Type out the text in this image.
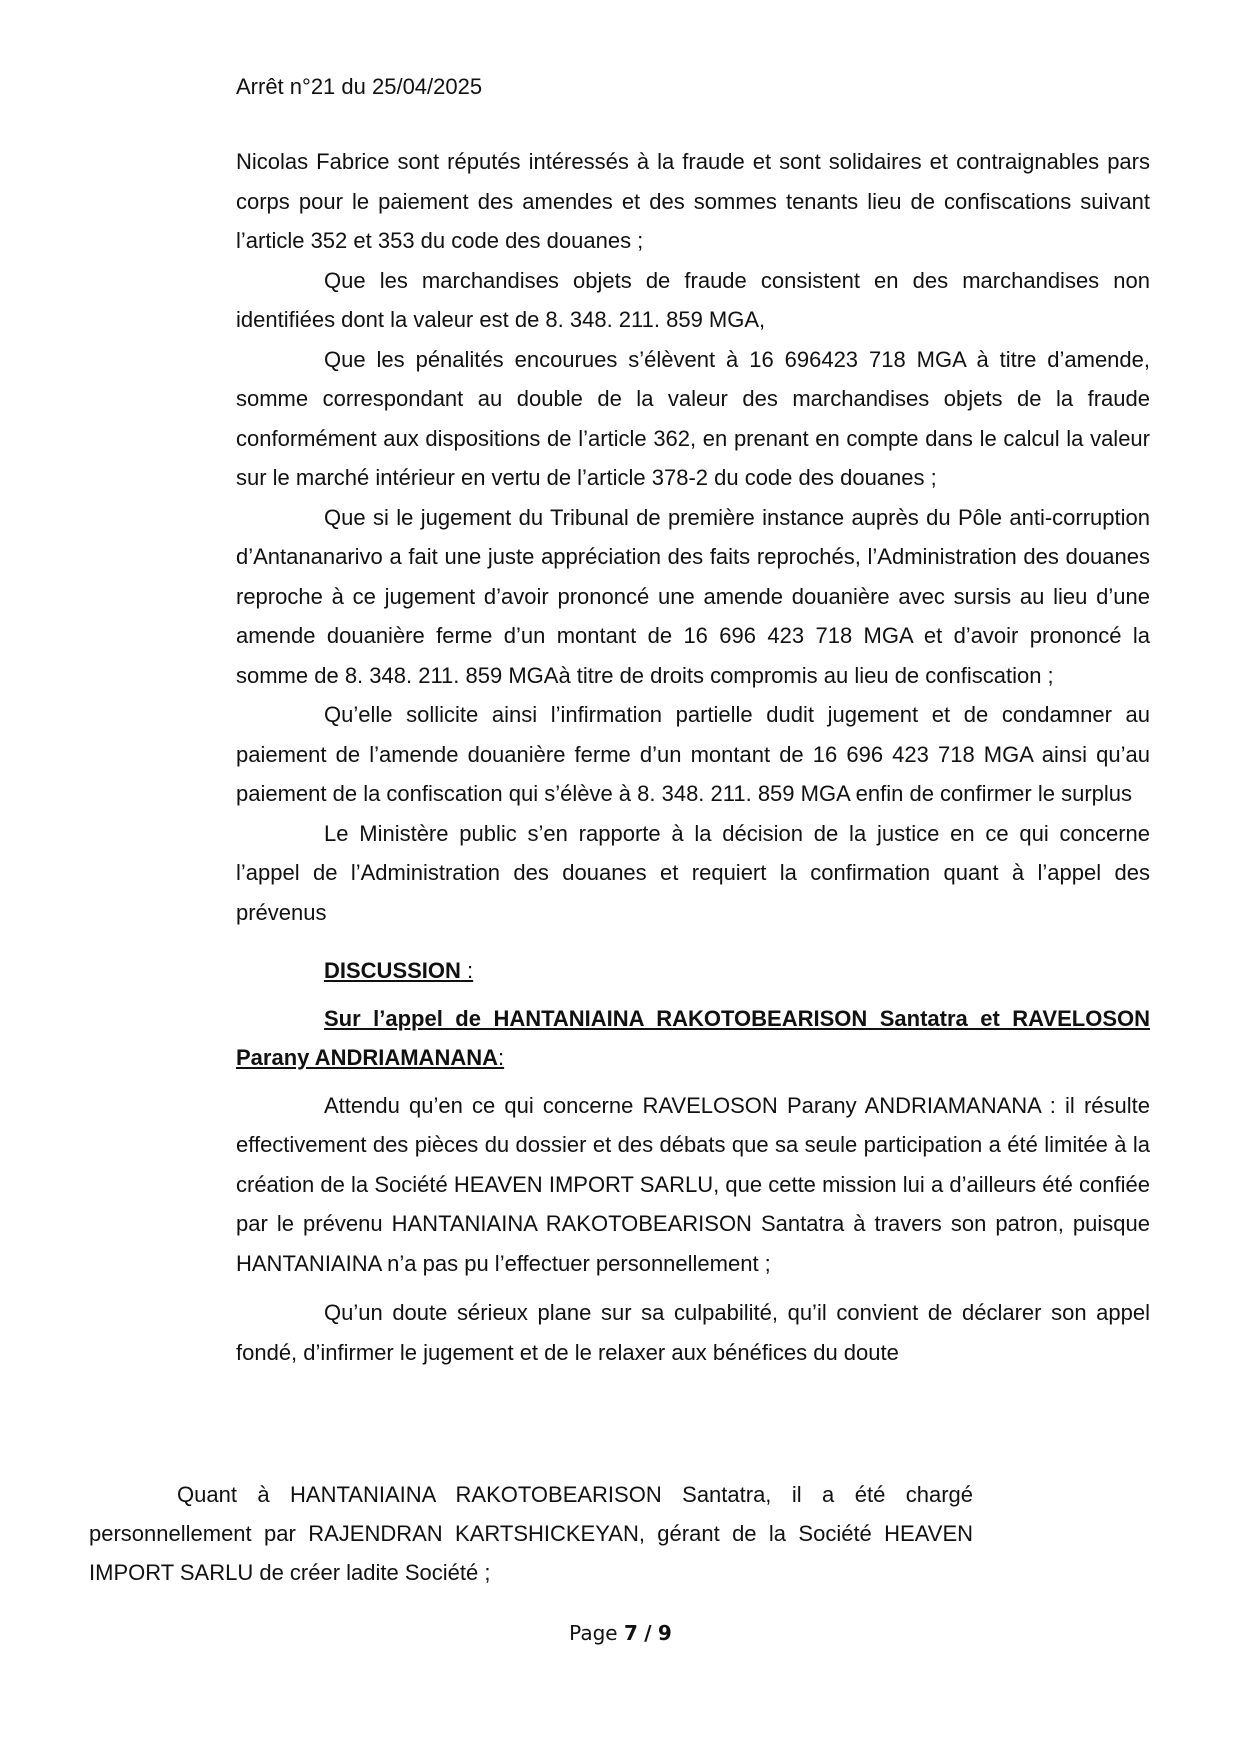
Arrêt n°21 du 25/04/2025

Nicolas Fabrice sont réputés intéressés à la fraude et sont solidaires et contraignables pars corps pour le paiement des amendes et des sommes tenants lieu de confiscations suivant l’article 352 et 353 du code des douanes ;

Que les marchandises objets de fraude consistent en des marchandises non identifiées dont la valeur est de 8. 348. 211. 859 MGA,

Que les pénalités encourues s’élèvent à 16 696423 718 MGA à titre d’amende, somme correspondant au double de la valeur des marchandises objets de la fraude conformément aux dispositions de l’article 362, en prenant en compte dans le calcul la valeur sur le marché intérieur en vertu de l’article 378-2 du code des douanes ;

Que si le jugement du Tribunal de première instance auprès du Pôle anti-corruption d’Antananarivo a fait une juste appréciation des faits reprochés, l’Administration des douanes reproche à ce jugement d’avoir prononcé une amende douanière avec sursis au lieu d’une amende douanière ferme d’un montant de 16 696 423 718 MGA et d’avoir prononcé la somme de 8. 348. 211. 859 MGAà titre de droits compromis au lieu de confiscation ;

Qu’elle sollicite ainsi l’infirmation partielle dudit jugement et de condamner au paiement de l’amende douanière ferme d’un montant de 16 696 423 718 MGA ainsi qu’au paiement de la confiscation qui s’élève à 8. 348. 211. 859 MGA enfin de confirmer le surplus

Le Ministère public s’en rapporte à la décision de la justice en ce qui concerne l’appel de l’Administration des douanes et requiert la confirmation quant à l’appel des prévenus

DISCUSSION :

Sur l’appel de HANTANIAINA RAKOTOBEARISON Santatra et RAVELOSON Parany ANDRIAMANANA:

Attendu qu’en ce qui concerne RAVELOSON Parany ANDRIAMANANA : il résulte effectivement des pièces du dossier et des débats que sa seule participation a été limitée à la création de la Société HEAVEN IMPORT SARLU, que cette mission lui a d’ailleurs été confiée par le prévenu HANTANIAINA RAKOTOBEARISON Santatra à travers son patron, puisque HANTANIAINA n’a pas pu l’effectuer personnellement ;

Qu’un doute sérieux plane sur sa culpabilité, qu’il convient de déclarer son appel fondé, d’infirmer le jugement et de le relaxer aux bénéfices du doute

Quant à HANTANIAINA RAKOTOBEARISON Santatra, il a été chargé personnellement par RAJENDRAN KARTSHICKEYAN, gérant de la Société HEAVEN IMPORT SARLU de créer ladite Société ;

Page 7 / 9
